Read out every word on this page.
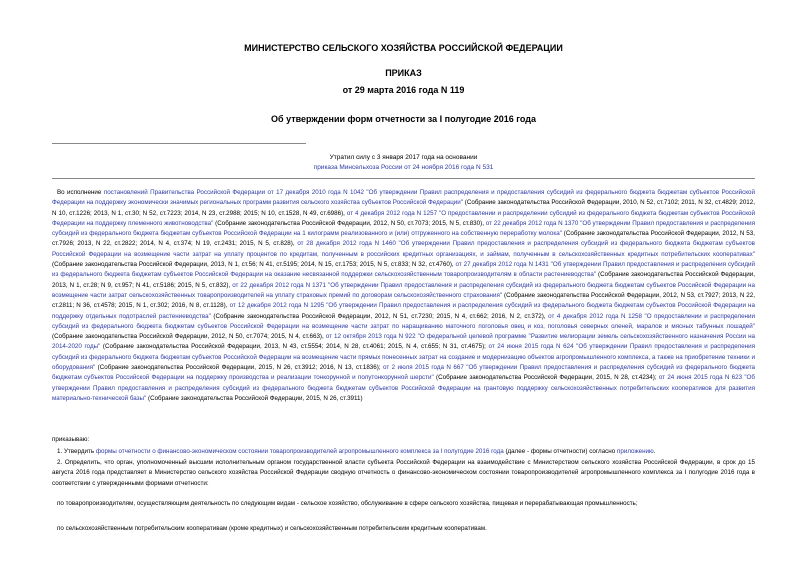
МИНИСТЕРСТВО СЕЛЬСКОГО ХОЗЯЙСТВА РОССИЙСКОЙ ФЕДЕРАЦИИ
ПРИКАЗ
от 29 марта 2016 года N 119
Об утверждении форм отчетности за I полугодие 2016 года
Утратил силу с 3 января 2017 года на основании
приказа Минсельхоза России от 24 ноября 2016 года N 531
Во исполнение постановлений Правительства Российской Федерации от 17 декабря 2010 года N 1042 "Об утверждении Правил распределения и предоставления субсидий из федерального бюджета бюджетам субъектов Российской Федерации на поддержку экономически значимых региональных программ развития сельского хозяйства субъектов Российской Федерации" (Собрание законодательства Российской Федерации, 2010, N 52, ст.7102; 2011, N 32, ст.4829; 2012, N 10, ст.1226; 2013, N 1, ст.30; N 52, ст.7223; 2014, N 23, ст.2988; 2015; N 10, ст.1528, N 49, ст.6986), от 4 декабря 2012 года N 1257 "О предоставлении и распределении субсидий из федерального бюджета бюджетам субъектов Российской Федерации на поддержку племенного животноводства" (Собрание законодательства Российской Федерации, 2012, N 50, ст.7073; 2015, N 5, ст.830), от 22 декабря 2012 года N 1370 "Об утверждении Правил предоставления и распределения субсидий из федерального бюджета бюджетам субъектов Российской Федерации на 1 килограмм реализованного и (или) отгруженного на собственную переработку молока" (Собрание законодательства Российской Федерации, 2012, N 53, ст.7926; 2013, N 22, ст.2822; 2014, N 4, ст.374; N 19, ст.2431; 2015, N 5, ст.828), от 28 декабря 2012 года N 1460 "Об утверждении Правил предоставления и распределения субсидий из федерального бюджета бюджетам субъектов Российской Федерации на возмещение части затрат на уплату процентов по кредитам, полученным в российских кредитных организациях, и займам, полученным в сельскохозяйственных кредитных потребительских кооперативах" (Собрание законодательства Российской Федерации, 2013, N 1, ст.56; N 41, ст.5195; 2014, N 15, ст.1753; 2015, N 5, ст.833; N 32, ст.4760), от 27 декабря 2012 года N 1431 "Об утверждении Правил предоставления и распределения субсидий из федерального бюджета бюджетам субъектов Российской Федерации на оказание несвязанной поддержки сельскохозяйственным товаропроизводителям в области растениеводства" (Собрание законодательства Российской Федерации, 2013, N 1, ст.28; N 9, ст.957; N 41, ст.5186; 2015, N 5, ст.832), от 22 декабря 2012 года N 1371 "Об утверждении Правил предоставления и распределения субсидий из федерального бюджета бюджетам субъектов Российской Федерации на возмещение части затрат сельскохозяйственных товаропроизводителей на уплату страховых премий по договорам сельскохозяйственного страхования" (Собрание законодательства Российской Федерации, 2012, N 53, ст.7927; 2013, N 22, ст.2811; N 36, ст.4578; 2015, N 1, ст.302; 2016, N 8, ст.1128), от 12 декабря 2012 года N 1295 "Об утверждении Правил предоставления и распределения субсидий из федерального бюджета бюджетам субъектов Российской Федерации на поддержку отдельных подотраслей растениеводства" (Собрание законодательства Российской Федерации, 2012, N 51, ст.7230; 2015, N 4, ст.662; 2016, N 2, ст.372), от 4 декабря 2012 года N 1258 "О предоставлении и распределении субсидий из федерального бюджета бюджетам субъектов Российской Федерации на возмещение части затрат по наращиванию маточного поголовья овец и коз, поголовья северных оленей, маралов и мясных табунных лошадей" (Собрание законодательства Российской Федерации, 2012, N 50, ст.7074; 2015, N 4, ст.663), от 12 октября 2013 года N 922 "О федеральной целевой программе "Развитие мелиорации земель сельскохозяйственного назначения России на 2014-2020 годы" (Собрание законодательства Российской Федерации, 2013, N 43, ст.5554; 2014, N 28, ст.4061; 2015, N 4, ст.655; N 31, ст.4675); от 24 июня 2015 года N 624 "Об утверждении Правил предоставления и распределения субсидий из федерального бюджета бюджетам субъектов Российской Федерации на возмещение части прямых понесенных затрат на создание и модернизацию объектов агропромышленного комплекса, а также на приобретение техники и оборудования" (Собрание законодательства Российской Федерации, 2015, N 26, ст.3912; 2016, N 13, ст.1836); от 2 июля 2015 года N 667 "Об утверждении Правил предоставления и распределения субсидий из федерального бюджета бюджетам субъектов Российской Федерации на поддержку производства и реализации тонкорунной и полутонкорунной шерсти" (Собрание законодательства Российской Федерации, 2015, N 28, ст.4234); от 24 июня 2015 года N 623 "Об утверждении Правил предоставления и распределения субсидий из федерального бюджета бюджетам субъектов Российской Федерации на грантовую поддержку сельскохозяйственных потребительских кооперативов для развития материально-технической базы" (Собрание законодательства Российской Федерации, 2015, N 26, ст.3911)
приказываю:
1. Утвердить формы отчетности о финансово-экономическом состоянии товаропроизводителей агропромышленного комплекса за I полугодие 2016 года (далее - формы отчетности) согласно приложению.
2. Определить, что орган, уполномоченный высшим исполнительным органом государственной власти субъекта Российской Федерации на взаимодействие с Министерством сельского хозяйства Российской Федерации, в срок до 15 августа 2016 года представляет в Министерство сельского хозяйства Российской Федерации сводную отчетность о финансово-экономическом состоянии товаропроизводителей агропромышленного комплекса за I полугодие 2016 года в соответствии с утвержденными формами отчетности:
по товаропроизводителям, осуществляющим деятельность по следующим видам - сельское хозяйство, обслуживание в сфере сельского хозяйства, пищевая и перерабатывающая промышленность;
по сельскохозяйственным потребительским кооперативам (кроме кредитных) и сельскохозяйственным потребительским кредитным кооперативам.
